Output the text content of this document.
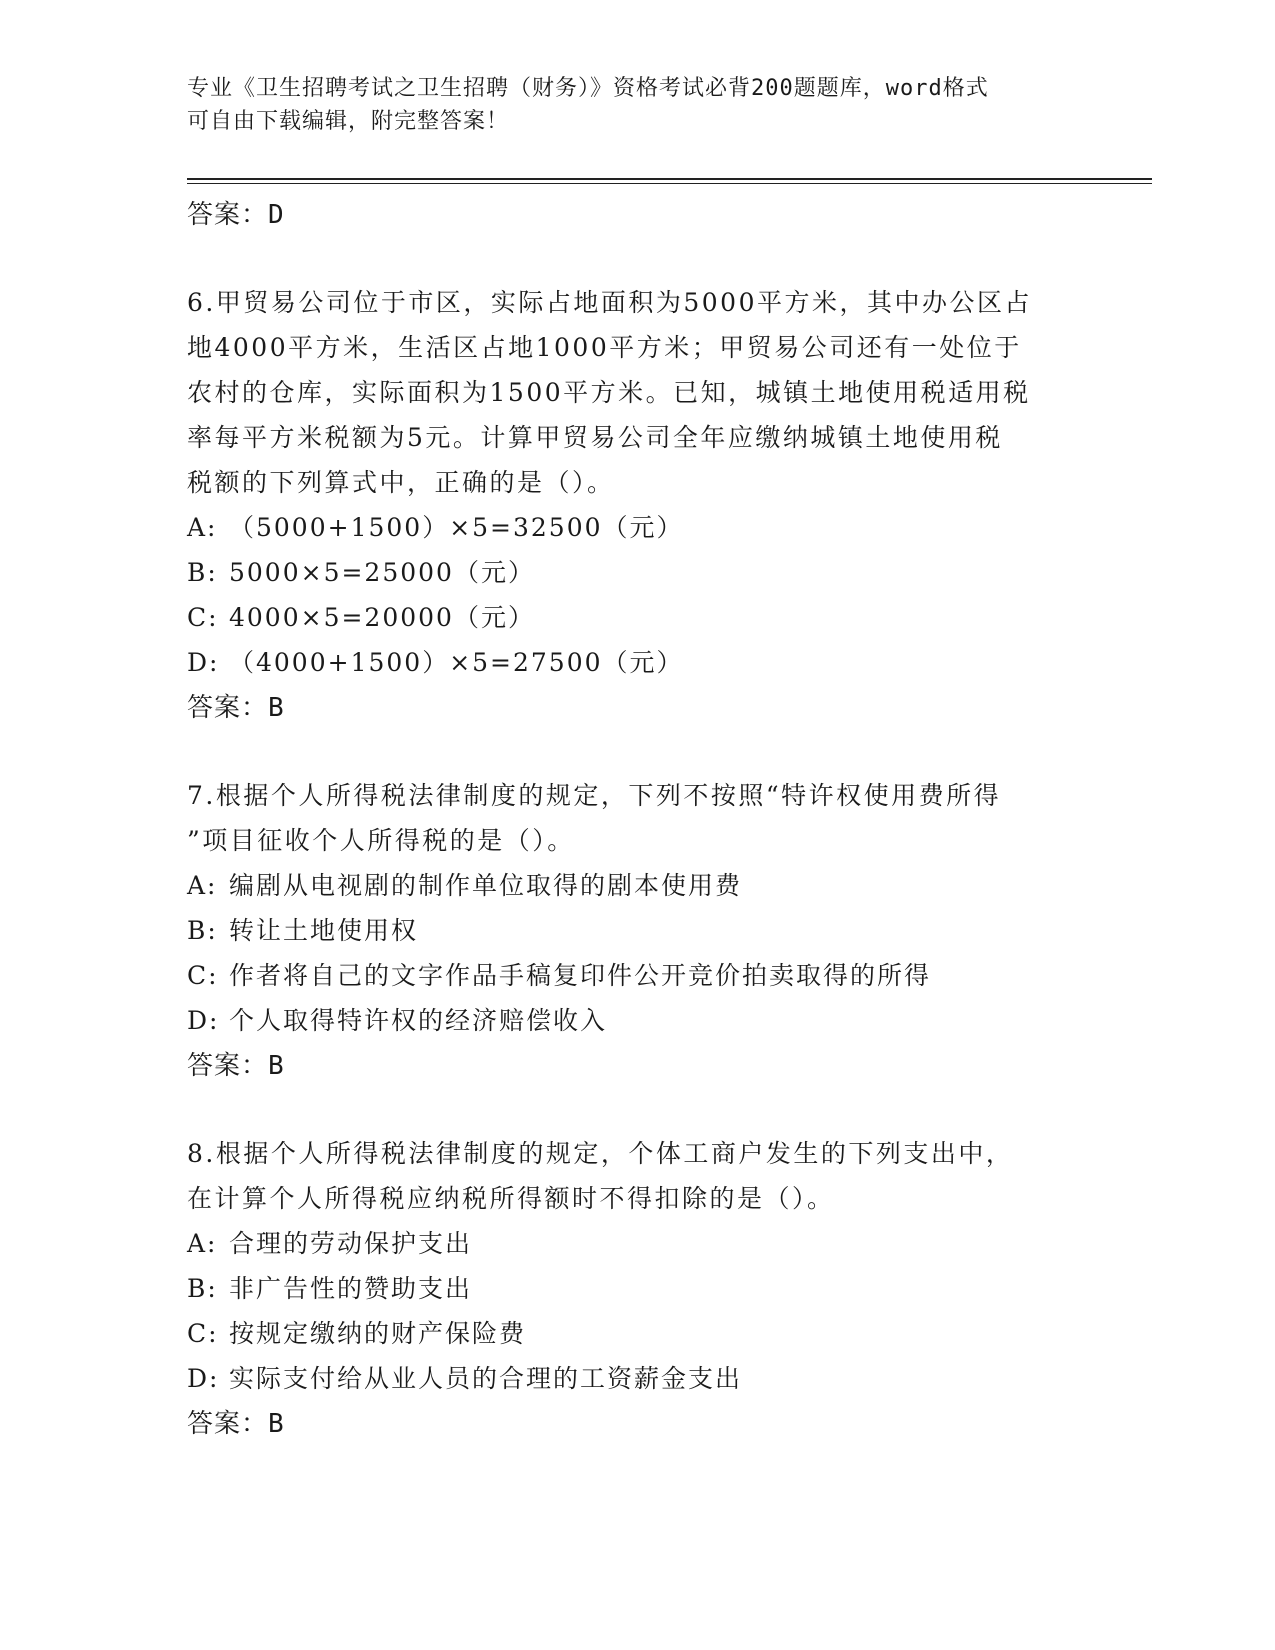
专业《卫生招聘考试之卫生招聘（财务）》资格考试必背200题题库，word格式
可自由下载编辑，附完整答案！
答案：D
6.甲贸易公司位于市区，实际占地面积为5000平方米，其中办公区占
地4000平方米，生活区占地1000平方米；甲贸易公司还有一处位于
农村的仓库，实际面积为1500平方米。已知，城镇土地使用税适用税
率每平方米税额为5元。计算甲贸易公司全年应缴纳城镇土地使用税
税额的下列算式中，正确的是（）。
A: （5000+1500）×5=32500（元）
B: 5000×5=25000（元）
C: 4000×5=20000（元）
D: （4000+1500）×5=27500（元）
答案：B
7.根据个人所得税法律制度的规定，下列不按照“特许权使用费所得
”项目征收个人所得税的是（）。
A: 编剧从电视剧的制作单位取得的剧本使用费
B: 转让土地使用权
C: 作者将自己的文字作品手稿复印件公开竞价拍卖取得的所得
D: 个人取得特许权的经济赔偿收入
答案：B
8.根据个人所得税法律制度的规定，个体工商户发生的下列支出中，
在计算个人所得税应纳税所得额时不得扣除的是（）。
A: 合理的劳动保护支出
B: 非广告性的赞助支出
C: 按规定缴纳的财产保险费
D: 实际支付给从业人员的合理的工资薪金支出
答案：B
